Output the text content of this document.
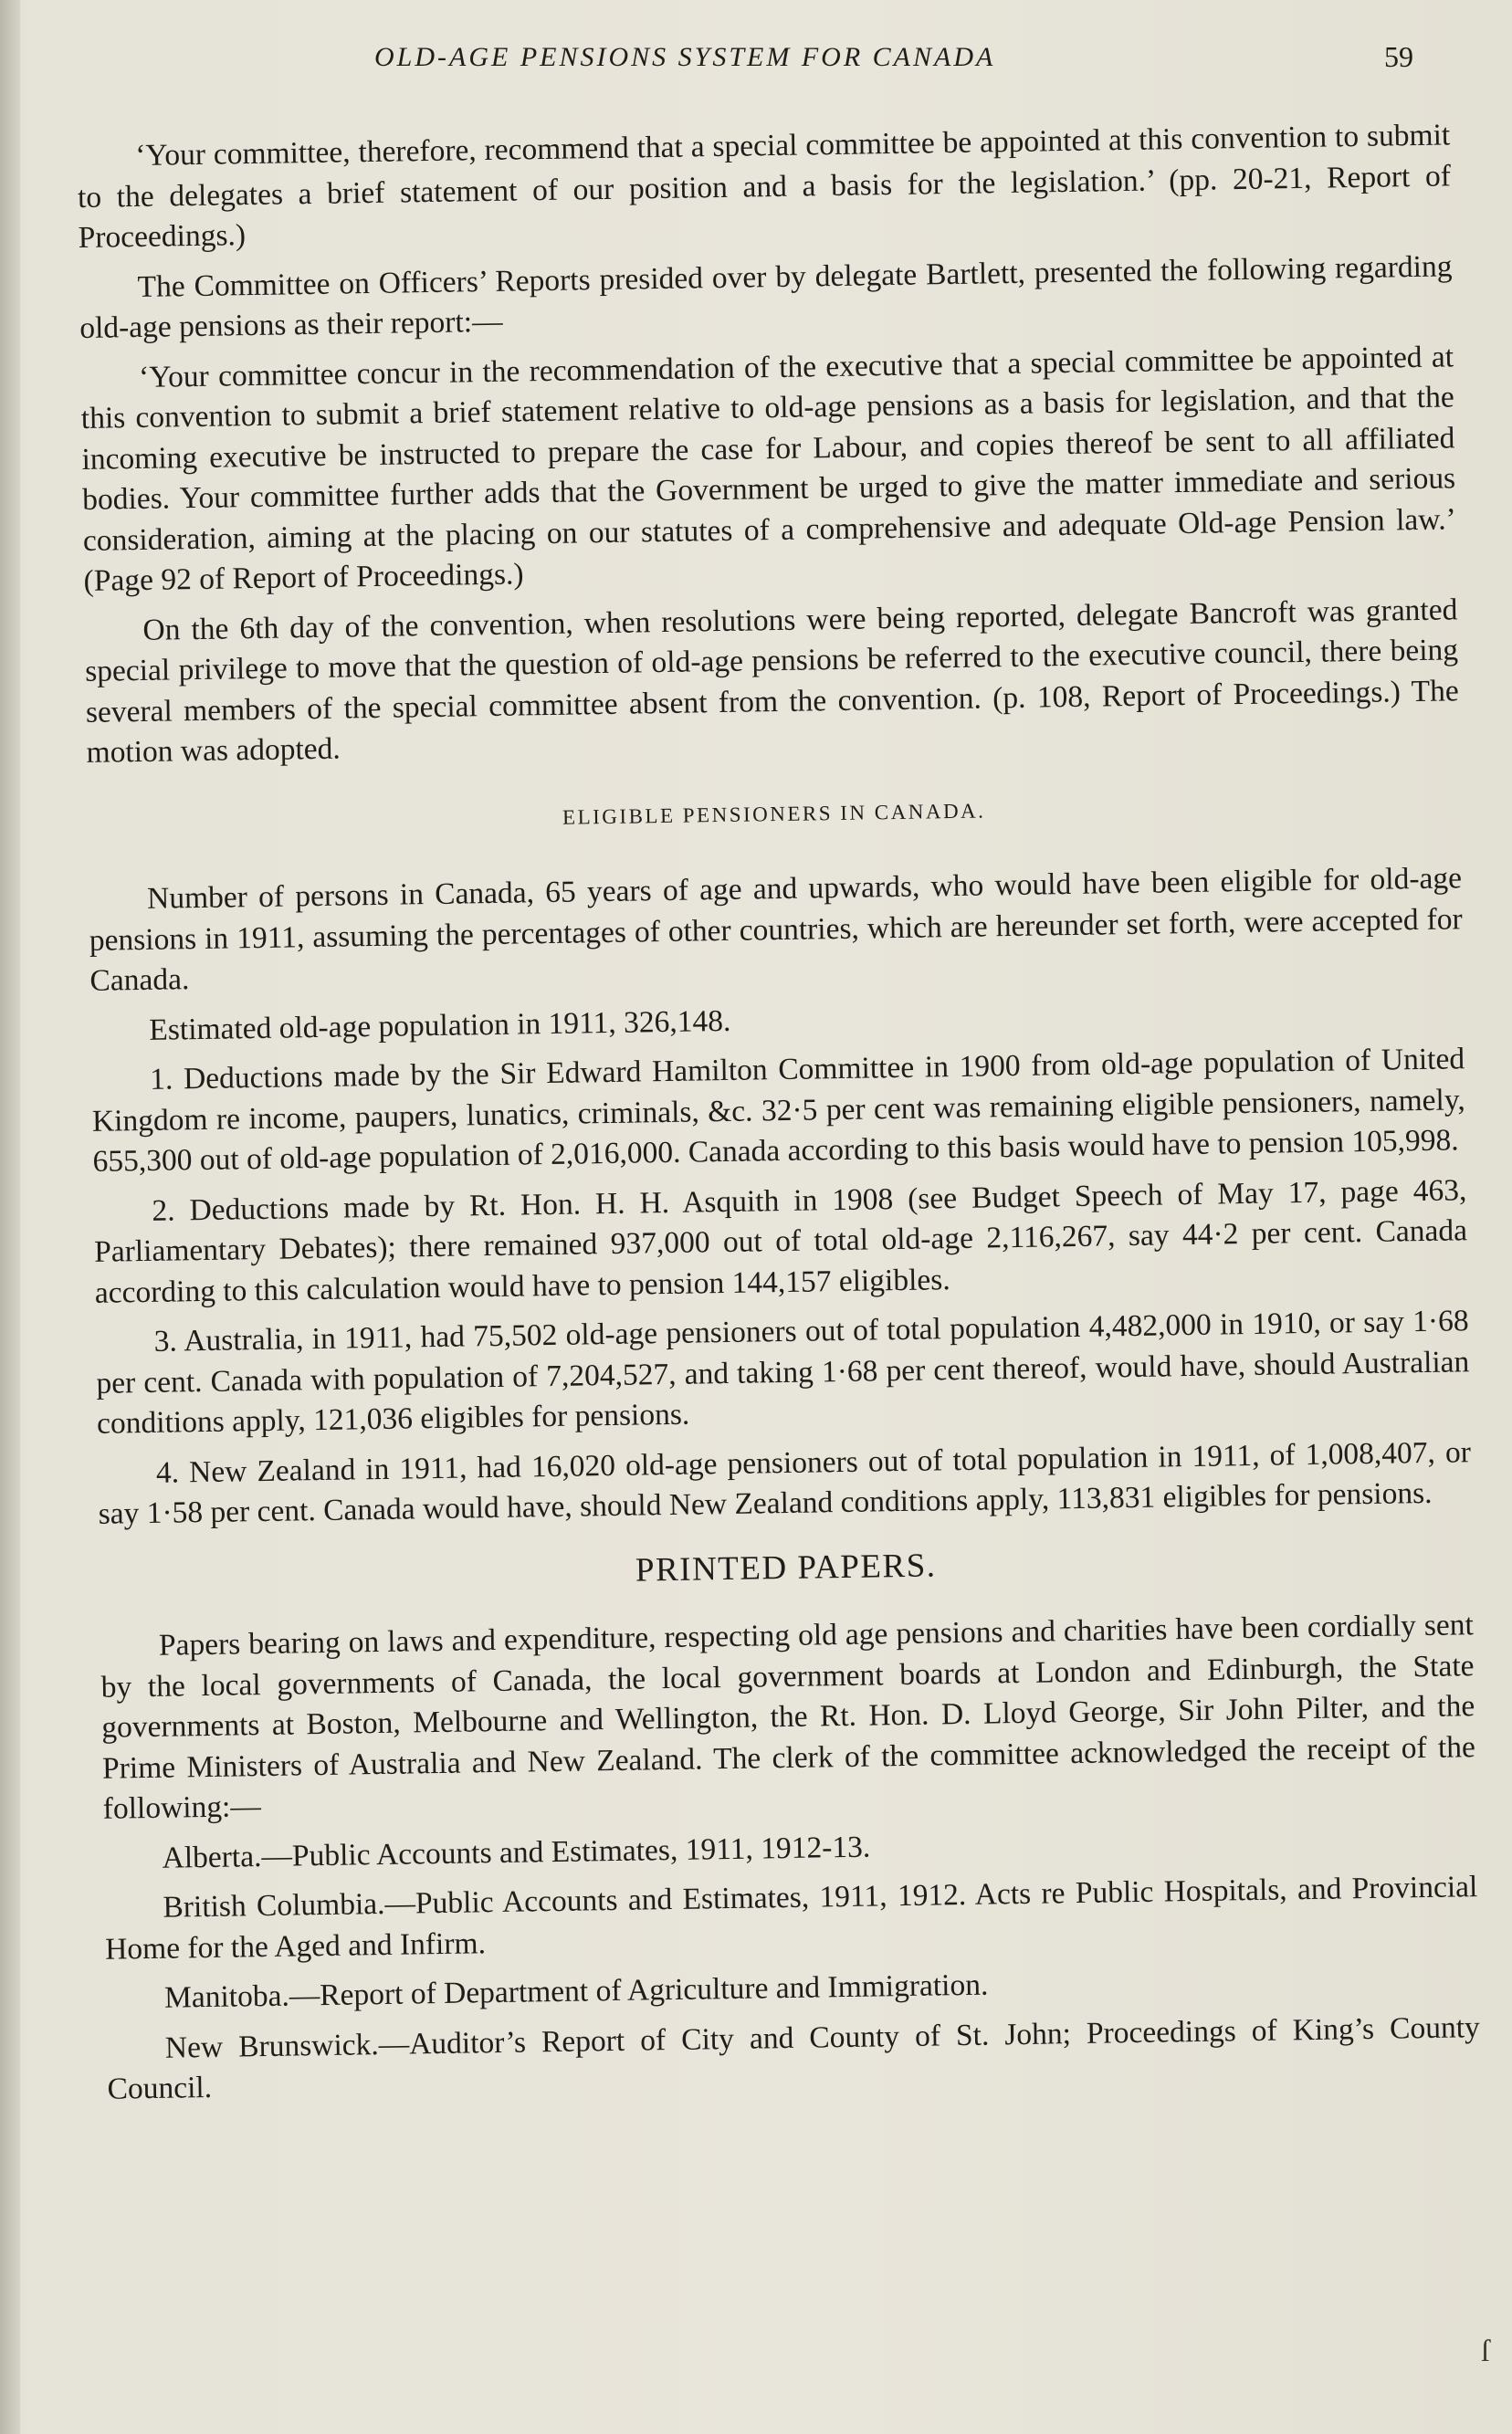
OLD-AGE PENSIONS SYSTEM FOR CANADA	59

‘Your committee, therefore, recommend that a special committee be appointed at this convention to submit to the delegates a brief statement of our position and a basis for the legislation.’ (pp. 20-21, Report of Proceedings.)

The Committee on Officers’ Reports presided over by delegate Bartlett, presented the following regarding old-age pensions as their report:—

‘Your committee concur in the recommendation of the executive that a special committee be appointed at this convention to submit a brief statement relative to old-age pensions as a basis for legislation, and that the incoming executive be instructed to prepare the case for Labour, and copies thereof be sent to all affiliated bodies. Your committee further adds that the Government be urged to give the matter immediate and serious consideration, aiming at the placing on our statutes of a comprehensive and adequate Old-age Pension law.’ (Page 92 of Report of Proceedings.)

On the 6th day of the convention, when resolutions were being reported, delegate Bancroft was granted special privilege to move that the question of old-age pensions be referred to the executive council, there being several members of the special committee absent from the convention. (p. 108, Report of Proceedings.) The motion was adopted.

ELIGIBLE PENSIONERS IN CANADA.

Number of persons in Canada, 65 years of age and upwards, who would have been eligible for old-age pensions in 1911, assuming the percentages of other countries, which are hereunder set forth, were accepted for Canada.

Estimated old-age population in 1911, 326,148.

1. Deductions made by the Sir Edward Hamilton Committee in 1900 from old-age population of United Kingdom re income, paupers, lunatics, criminals, &c. 32·5 per cent was remaining eligible pensioners, namely, 655,300 out of old-age population of 2,016,000. Canada according to this basis would have to pension 105,998.

2. Deductions made by Rt. Hon. H. H. Asquith in 1908 (see Budget Speech of May 17, page 463, Parliamentary Debates); there remained 937,000 out of total old-age 2,116,267, say 44·2 per cent. Canada according to this calculation would have to pension 144,157 eligibles.

3. Australia, in 1911, had 75,502 old-age pensioners out of total population 4,482,000 in 1910, or say 1·68 per cent. Canada with population of 7,204,527, and taking 1·68 per cent thereof, would have, should Australian conditions apply, 121,036 eligibles for pensions.

4. New Zealand in 1911, had 16,020 old-age pensioners out of total population in 1911, of 1,008,407, or say 1·58 per cent. Canada would have, should New Zealand conditions apply, 113,831 eligibles for pensions.

PRINTED PAPERS.

Papers bearing on laws and expenditure, respecting old age pensions and charities have been cordially sent by the local governments of Canada, the local government boards at London and Edinburgh, the State governments at Boston, Melbourne and Wellington, the Rt. Hon. D. Lloyd George, Sir John Pilter, and the Prime Ministers of Australia and New Zealand. The clerk of the committee acknowledged the receipt of the following:—

Alberta.—Public Accounts and Estimates, 1911, 1912-13.

British Columbia.—Public Accounts and Estimates, 1911, 1912. Acts re Public Hospitals, and Provincial Home for the Aged and Infirm.

Manitoba.—Report of Department of Agriculture and Immigration.

New Brunswick.—Auditor’s Report of City and County of St. John; Proceedings of King’s County Council.

ſ
